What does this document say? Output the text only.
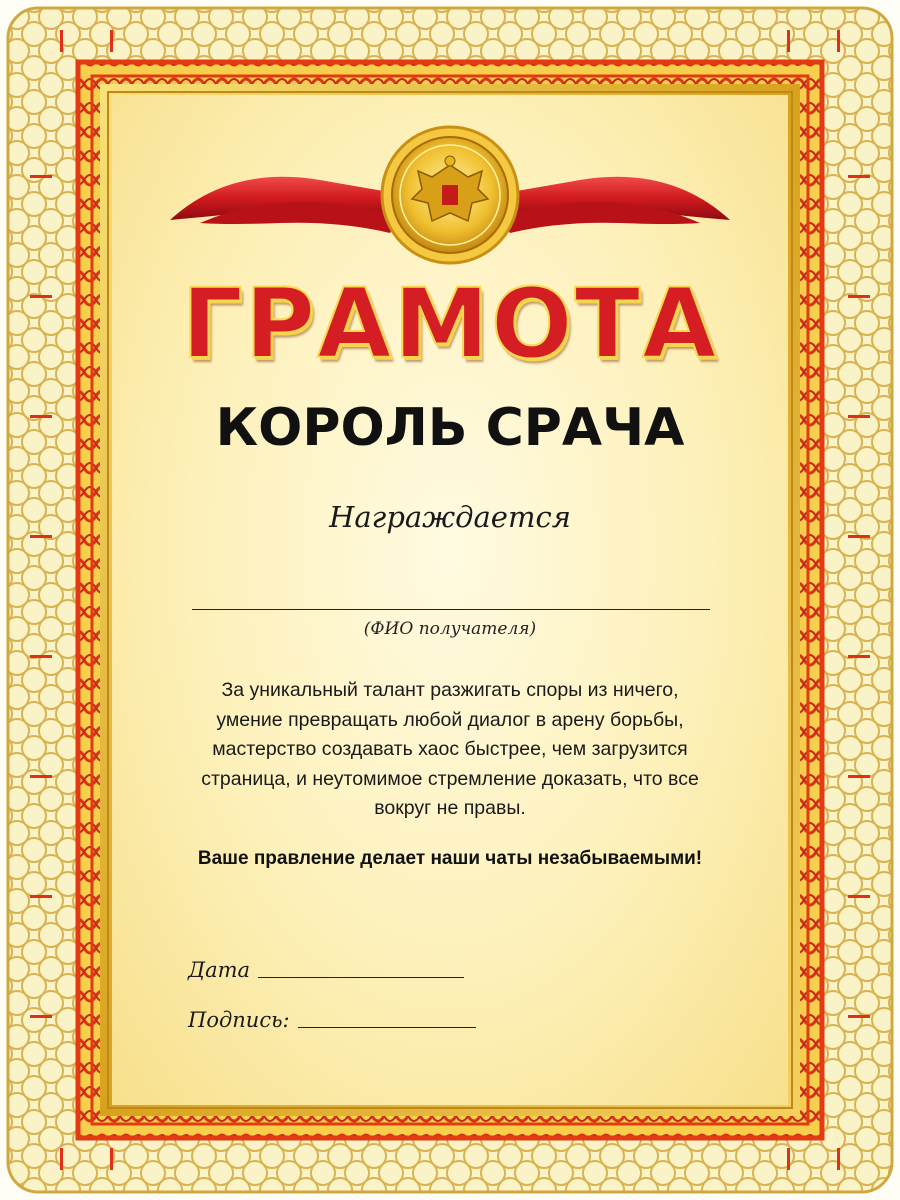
ГРАМОТА
КОРОЛЬ СРАЧА
Награждается
(ФИО получателя)
За уникальный талант разжигать споры из ничего,
умение превращать любой диалог в арену борьбы,
мастерство создавать хаос быстрее, чем загрузится
страница, и неутомимое стремление доказать, что все
вокруг не правы.
Ваше правление делает наши чаты незабываемыми!
Дата
Подпись:
